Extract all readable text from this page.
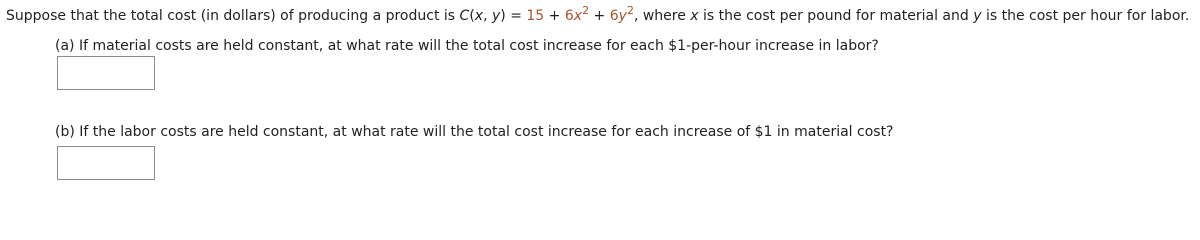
Suppose that the total cost (in dollars) of producing a product is C(x, $y) = 15 + 6x^2 + 6y^2$, where x is the cost per pound for material and y is the cost per hour for labor.
(a) If material costs are held constant, at what rate will the total cost increase for each $1-per-hour increase in labor?
(b) If the labor costs are held constant, at what rate will the total cost increase for each increase of $1 in material cost?
